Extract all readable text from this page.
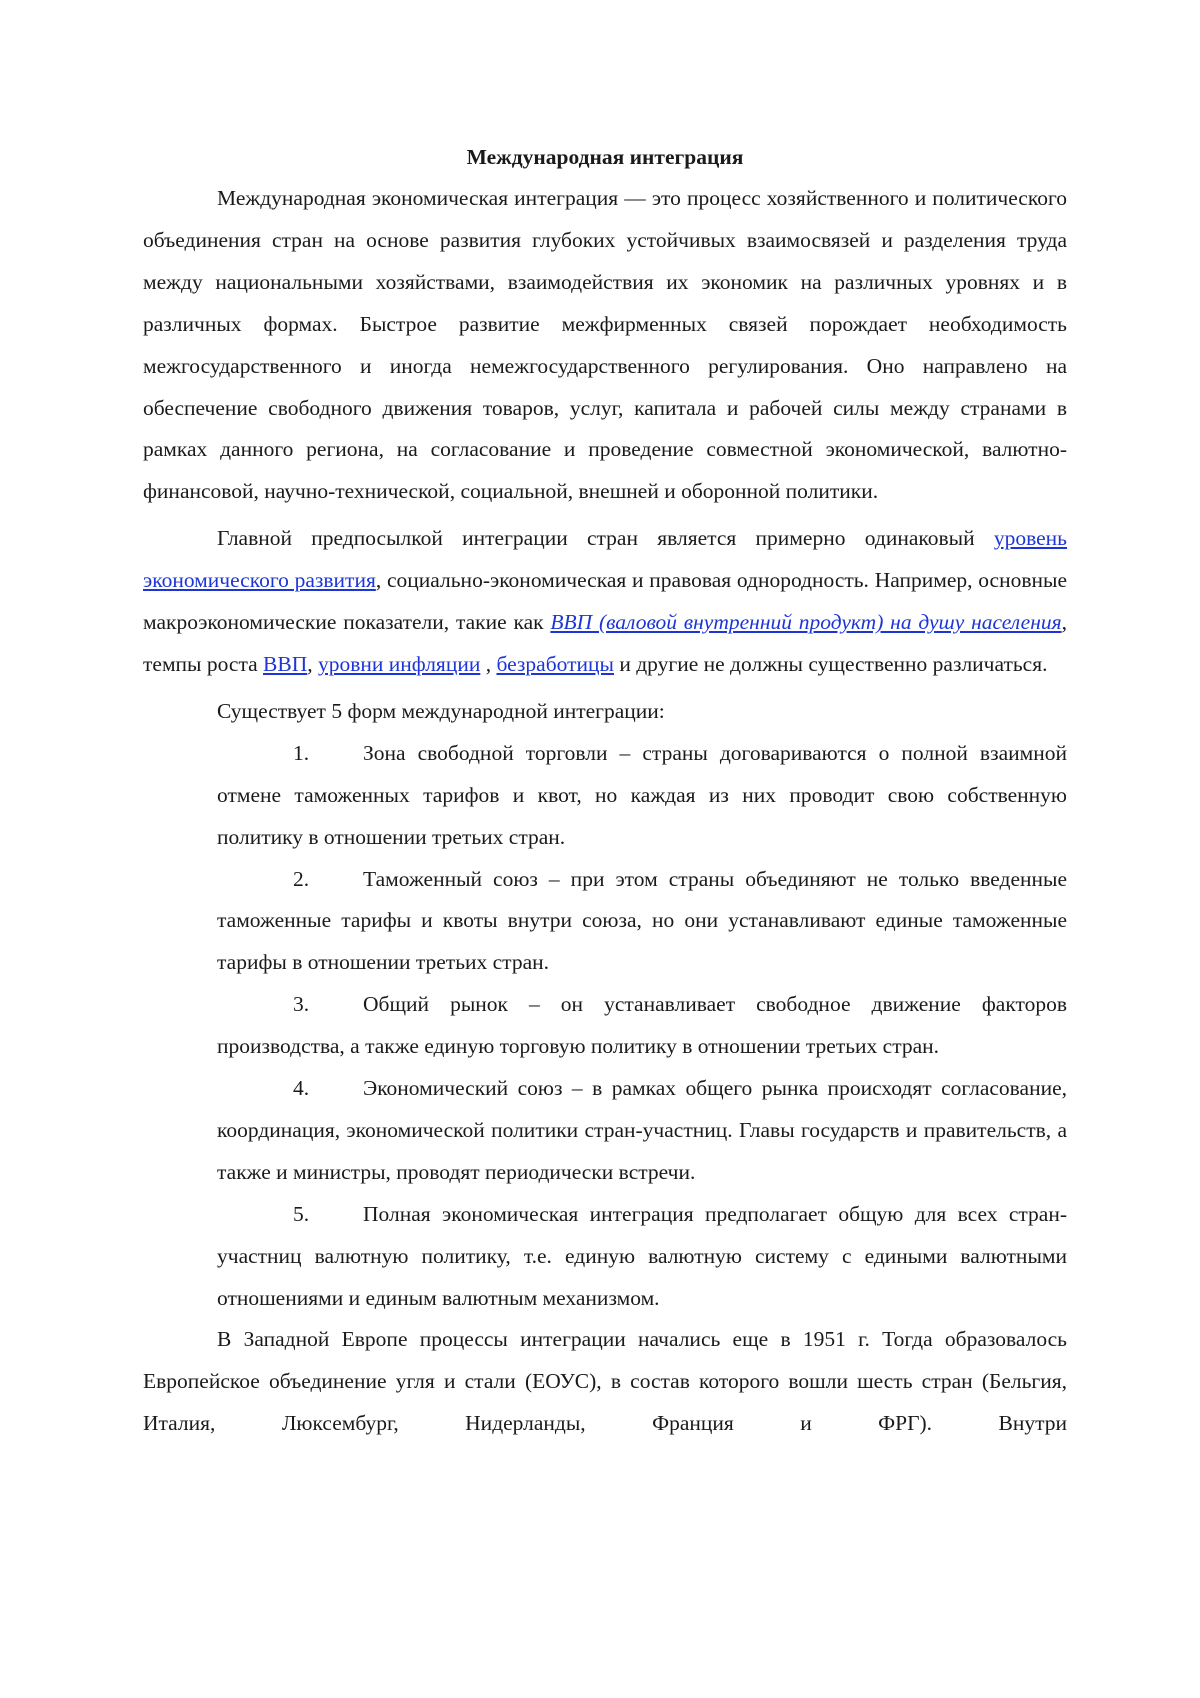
Международная интеграция

Международная экономическая интеграция — это процесс хозяйственного и политического объединения стран на основе развития глубоких устойчивых взаимосвязей и разделения труда между национальными хозяйствами, взаимодействия их экономик на различных уровнях и в различных формах. Быстрое развитие межфирменных связей порождает необходимость межгосударственного и иногда немежгосударственного регулирования. Оно направлено на обеспечение свободного движения товаров, услуг, капитала и рабочей силы между странами в рамках данного региона, на согласование и проведение совместной экономической, валютно-финансовой, научно-технической, социальной, внешней и оборонной политики.

Главной предпосылкой интеграции стран является примерно одинаковый уровень экономического развития, социально-экономическая и правовая однородность. Например, основные макроэкономические показатели, такие как ВВП (валовой внутренний продукт) на душу населения, темпы роста ВВП, уровни инфляции , безработицы и другие не должны существенно различаться.

Существует 5 форм международной интеграции:

1.	Зона свободной торговли – страны договариваются о полной взаимной отмене таможенных тарифов и квот, но каждая из них проводит свою собственную политику в отношении третьих стран.

2.	Таможенный союз – при этом страны объединяют не только введенные таможенные тарифы и квоты внутри союза, но они устанавливают единые таможенные тарифы в отношении третьих стран.

3.	Общий рынок – он устанавливает свободное движение факторов производства, а также единую торговую политику в отношении третьих стран.

4.	Экономический союз – в рамках общего рынка происходят согласование, координация, экономической политики стран-участниц. Главы государств и правительств, а также и министры, проводят периодически встречи.

5.	Полная экономическая интеграция предполагает общую для всех стран-участниц валютную политику, т.е. единую валютную систему с едиными валютными отношениями и единым валютным механизмом.

В Западной Европе процессы интеграции начались еще в 1951 г. Тогда образовалось Европейское объединение угля и стали (ЕОУС), в состав которого вошли шесть стран (Бельгия, Италия, Люксембург, Нидерланды, Франция и ФРГ). Внутри
